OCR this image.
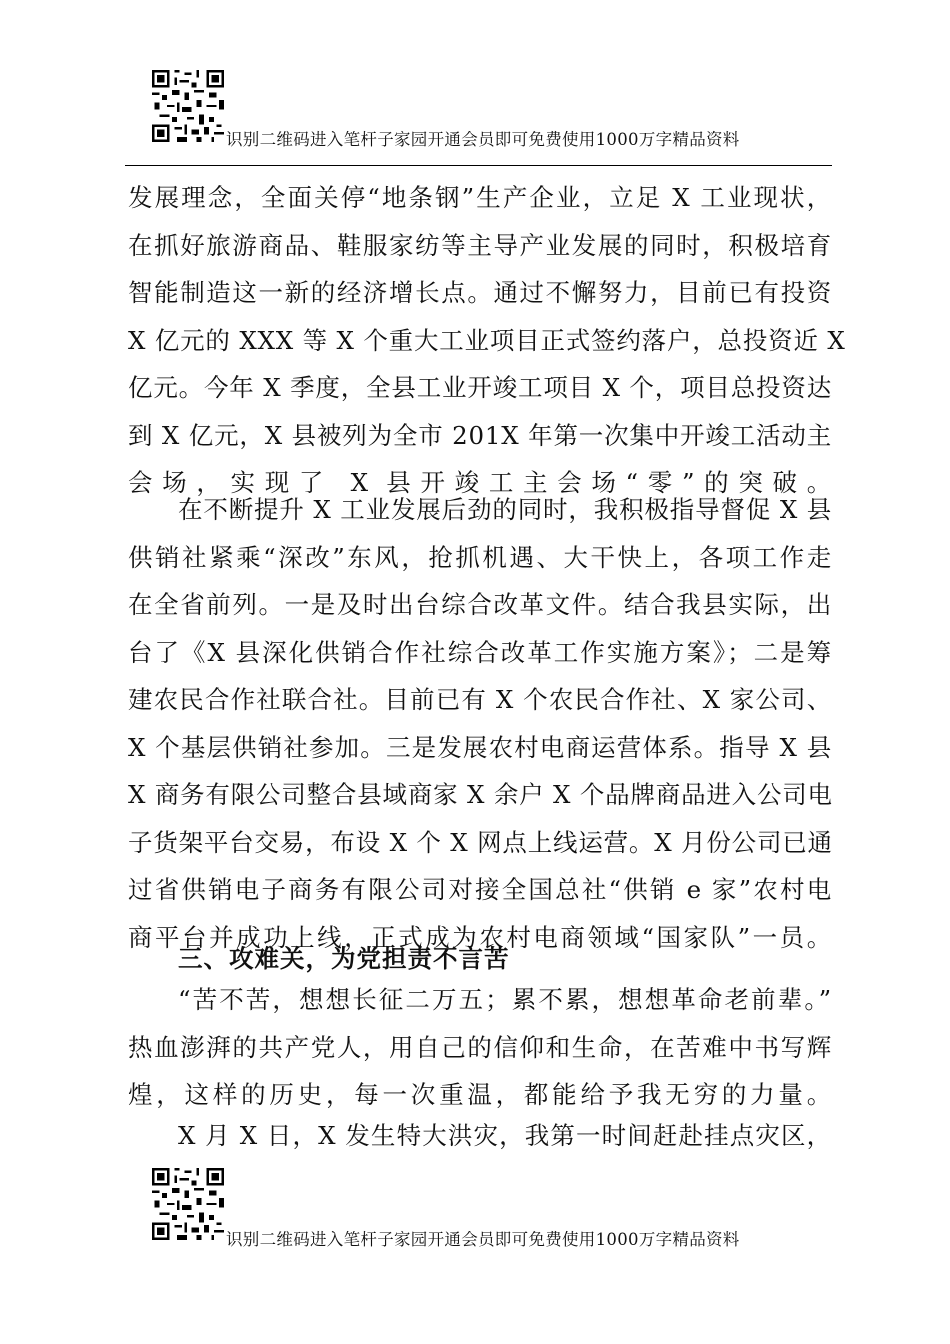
识别二维码进入笔杆子家园开通会员即可免费使用1000万字精品资料
发展理念，全面关停“地条钢”生产企业，立足 X 工业现状，
在抓好旅游商品、鞋服家纺等主导产业发展的同时，积极培育
智能制造这一新的经济增长点。通过不懈努力，目前已有投资
X 亿元的 XXX 等 X 个重大工业项目正式签约落户，总投资近 X
亿元。今年 X 季度，全县工业开竣工项目 X 个，项目总投资达
到 X 亿元，X 县被列为全市 201X 年第一次集中开竣工活动主
会场，实现了 X 县开竣工主会场“零”的突破。
在不断提升 X 工业发展后劲的同时，我积极指导督促 X 县
供销社紧乘“深改”东风，抢抓机遇、大干快上，各项工作走
在全省前列。一是及时出台综合改革文件。结合我县实际，出
台了《X 县深化供销合作社综合改革工作实施方案》；二是筹
建农民合作社联合社。目前已有 X 个农民合作社、X 家公司、
X 个基层供销社参加。三是发展农村电商运营体系。指导 X 县
X 商务有限公司整合县域商家 X 余户 X 个品牌商品进入公司电
子货架平台交易，布设 X 个 X 网点上线运营。X 月份公司已通
过省供销电子商务有限公司对接全国总社“供销 e 家”农村电
商平台并成功上线，正式成为农村电商领域“国家队”一员。
三、攻难关，为党担责不言苦
“苦不苦，想想长征二万五；累不累，想想革命老前辈。”
热血澎湃的共产党人，用自己的信仰和生命，在苦难中书写辉
煌，这样的历史，每一次重温，都能给予我无穷的力量。
X 月 X 日，X 发生特大洪灾，我第一时间赶赴挂点灾区，
识别二维码进入笔杆子家园开通会员即可免费使用1000万字精品资料
